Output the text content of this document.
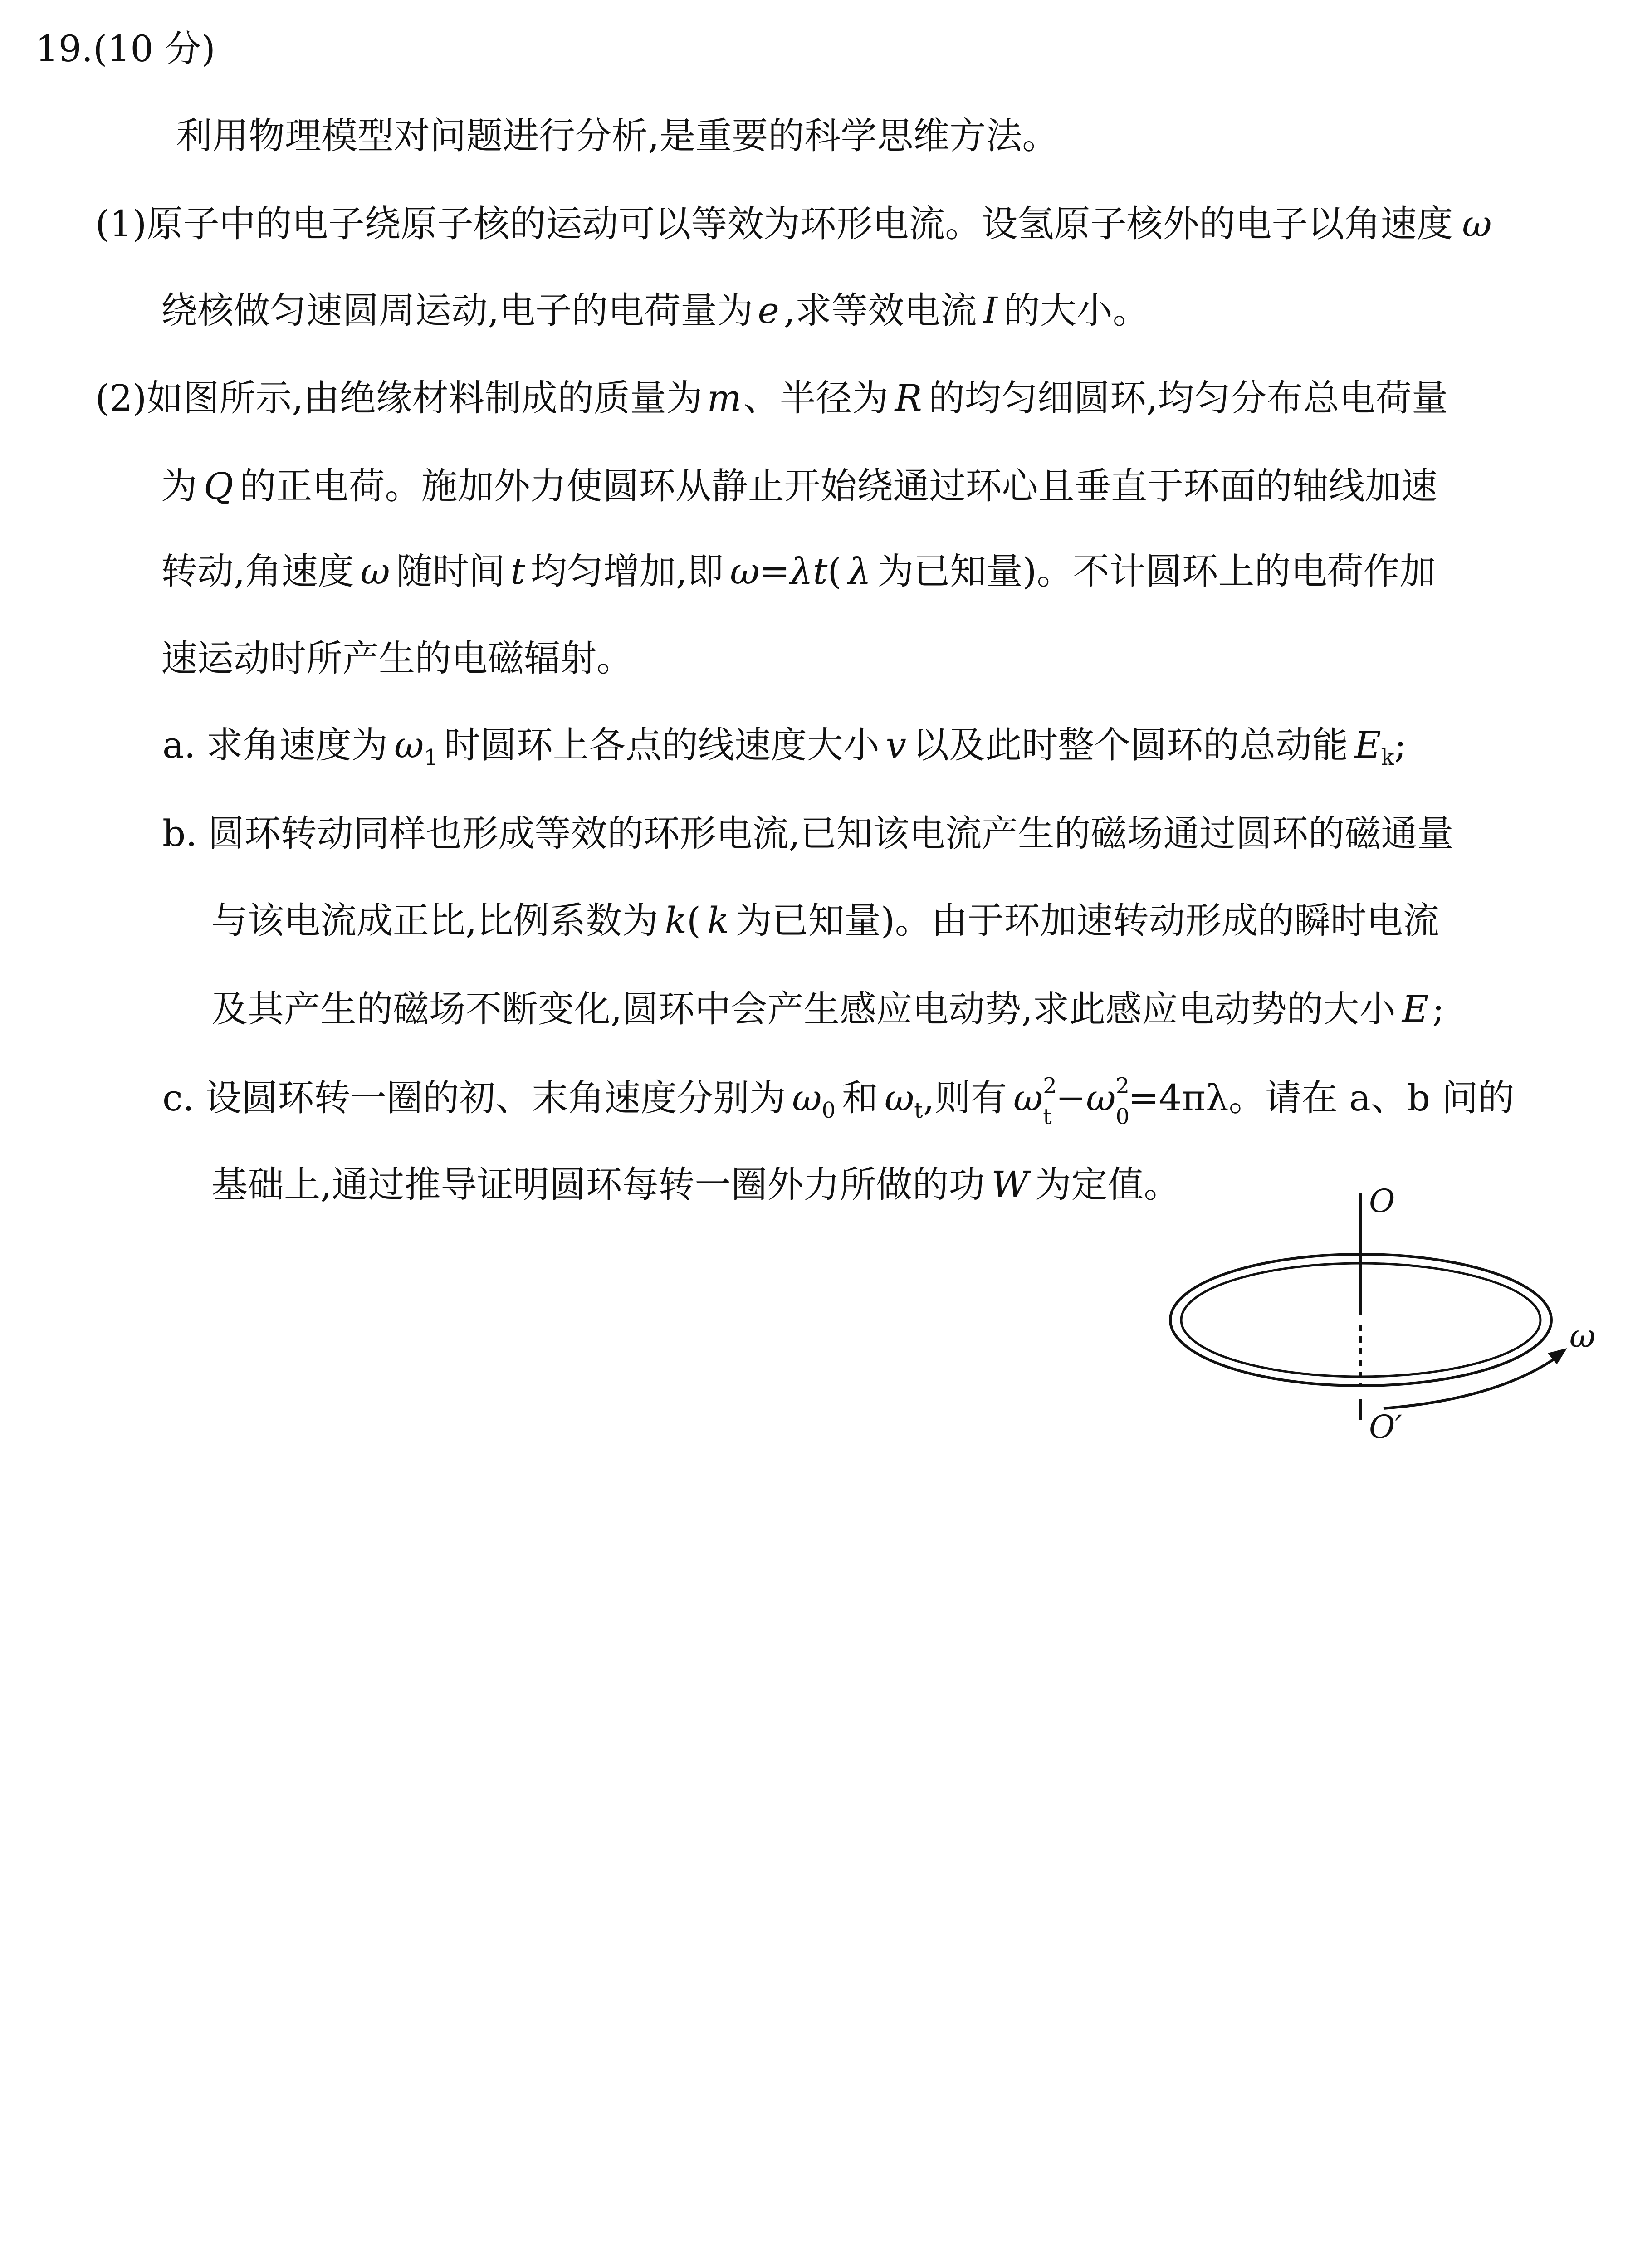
19.(10 分)
利用物理模型对问题进行分析,是重要的科学思维方法。
(1)原子中的电子绕原子核的运动可以等效为环形电流。设氢原子核外的电子以角速度 ω
绕核做匀速圆周运动,电子的电荷量为 e ,求等效电流 I 的大小。
(2)如图所示,由绝缘材料制成的质量为 m、半径为 R 的均匀细圆环,均匀分布总电荷量
为 Q 的正电荷。施加外力使圆环从静止开始绕通过环心且垂直于环面的轴线加速
转动,角速度 ω 随时间 t 均匀增加,即 ω=λt( λ 为已知量)。不计圆环上的电荷作加
速运动时所产生的电磁辐射。
a. 求角速度为 $\omega_1$ 时圆环上各点的线速度大小 v 以及此时整个圆环的总动能 $E_k$;
b. 圆环转动同样也形成等效的环形电流,已知该电流产生的磁场通过圆环的磁通量
与该电流成正比,比例系数为 k( k 为已知量)。由于环加速转动形成的瞬时电流
及其产生的磁场不断变化,圆环中会产生感应电动势,求此感应电动势的大小 E ;
c. 设圆环转一圈的初、末角速度分别为 $\omega_0$ 和 $\omega_t$,则有 ω 2
t −ω 2
0
=4πλ。请在 a、b 问的
基础上,通过推导证明圆环每转一圈外力所做的功 W 为定值。	O
O′
ω
